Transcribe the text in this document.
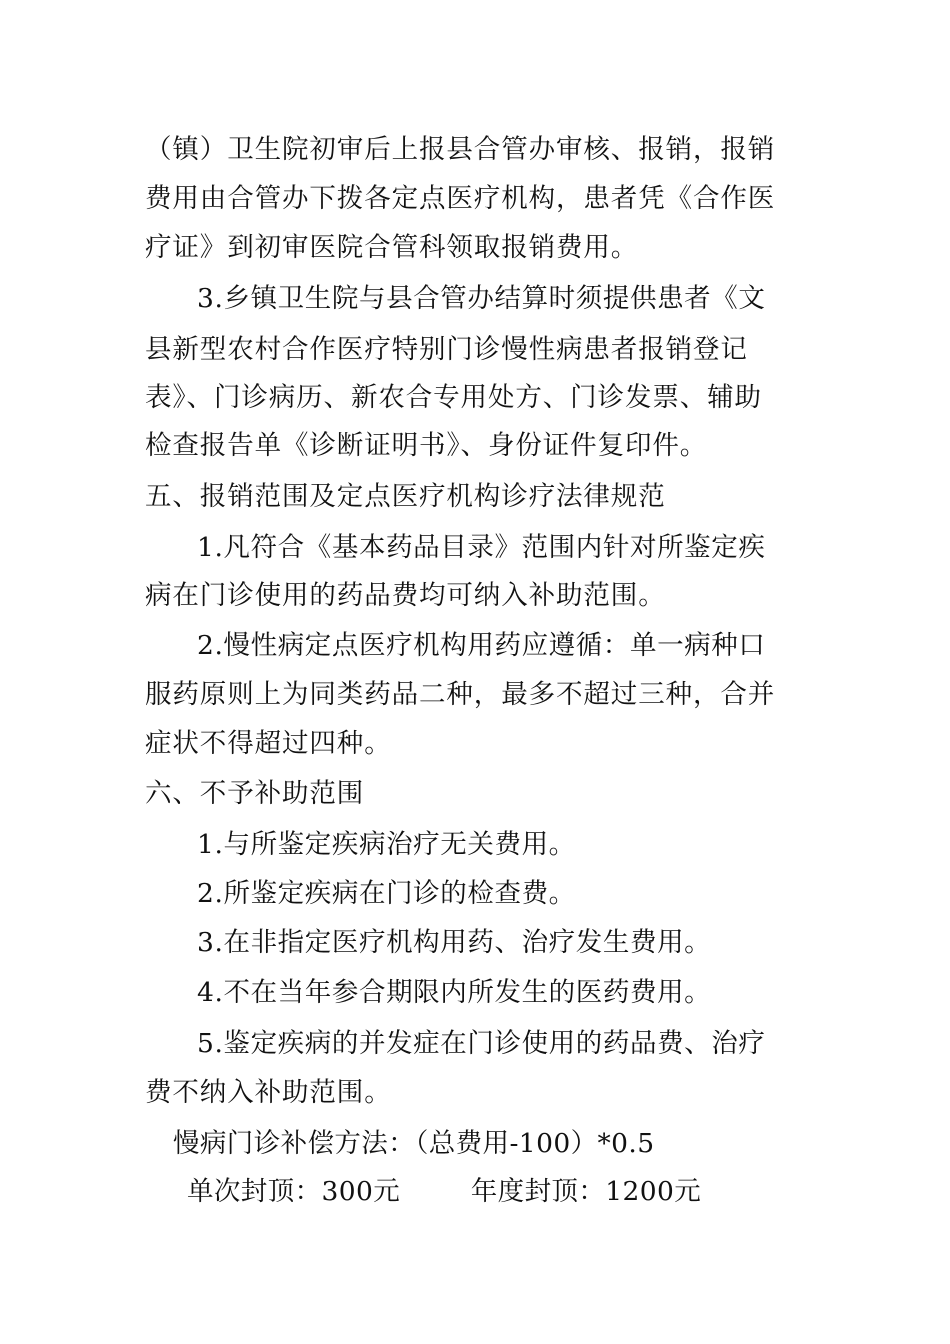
（镇）卫生院初审后上报县合管办审核、报销，报销

费用由合管办下拨各定点医疗机构，患者凭《合作医

疗证》到初审医院合管科领取报销费用。

3.乡镇卫生院与县合管办结算时须提供患者《文

县新型农村合作医疗特别门诊慢性病患者报销登记

表》、门诊病历、新农合专用处方、门诊发票、辅助

检查报告单《诊断证明书》、身份证件复印件。

五、报销范围及定点医疗机构诊疗法律规范

1.凡符合《基本药品目录》范围内针对所鉴定疾

病在门诊使用的药品费均可纳入补助范围。

2.慢性病定点医疗机构用药应遵循：单一病种口

服药原则上为同类药品二种，最多不超过三种，合并

症状不得超过四种。

六、不予补助范围

1.与所鉴定疾病治疗无关费用。

2.所鉴定疾病在门诊的检查费。

3.在非指定医疗机构用药、治疗发生费用。

4.不在当年参合期限内所发生的医药费用。

5.鉴定疾病的并发症在门诊使用的药品费、治疗

费不纳入补助范围。

慢病门诊补偿方法：（总费用-100）*0.5

单次封顶：300元        年度封顶：1200元
